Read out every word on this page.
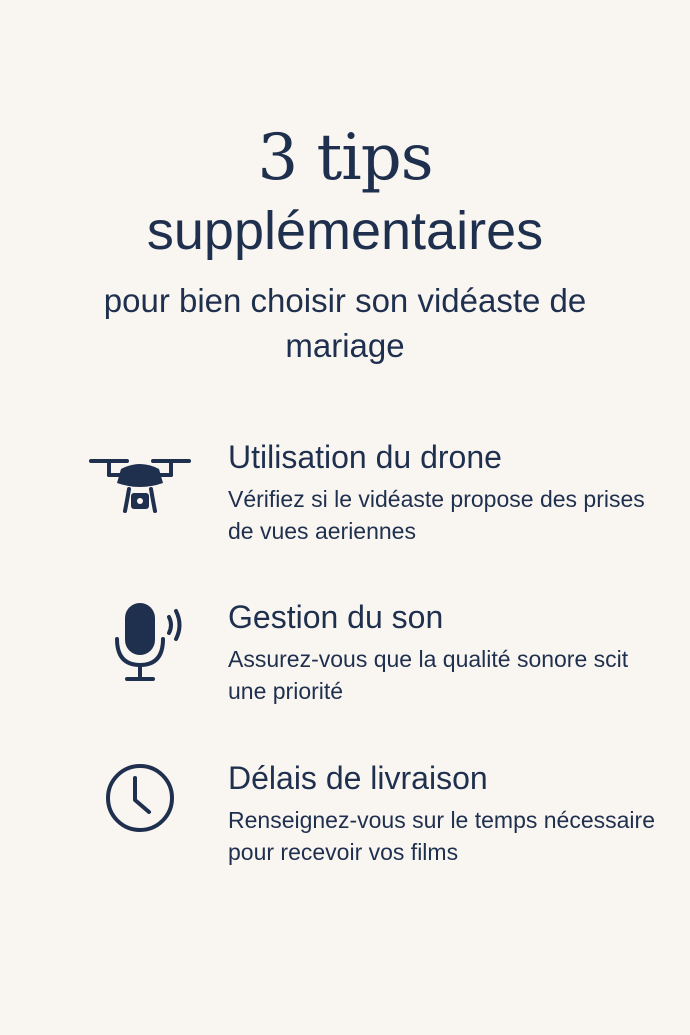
3 tips
supplémentaires
pour bien choisir son vidéaste de mariage
Utilisation du drone
Vérifiez si le vidéaste propose des prises de vues aeriennes
Gestion du son
Assurez-vous que la qualité sonore scit une priorité
Délais de livraison
Renseignez-vous sur le temps nécessaire pour recevoir vos films
